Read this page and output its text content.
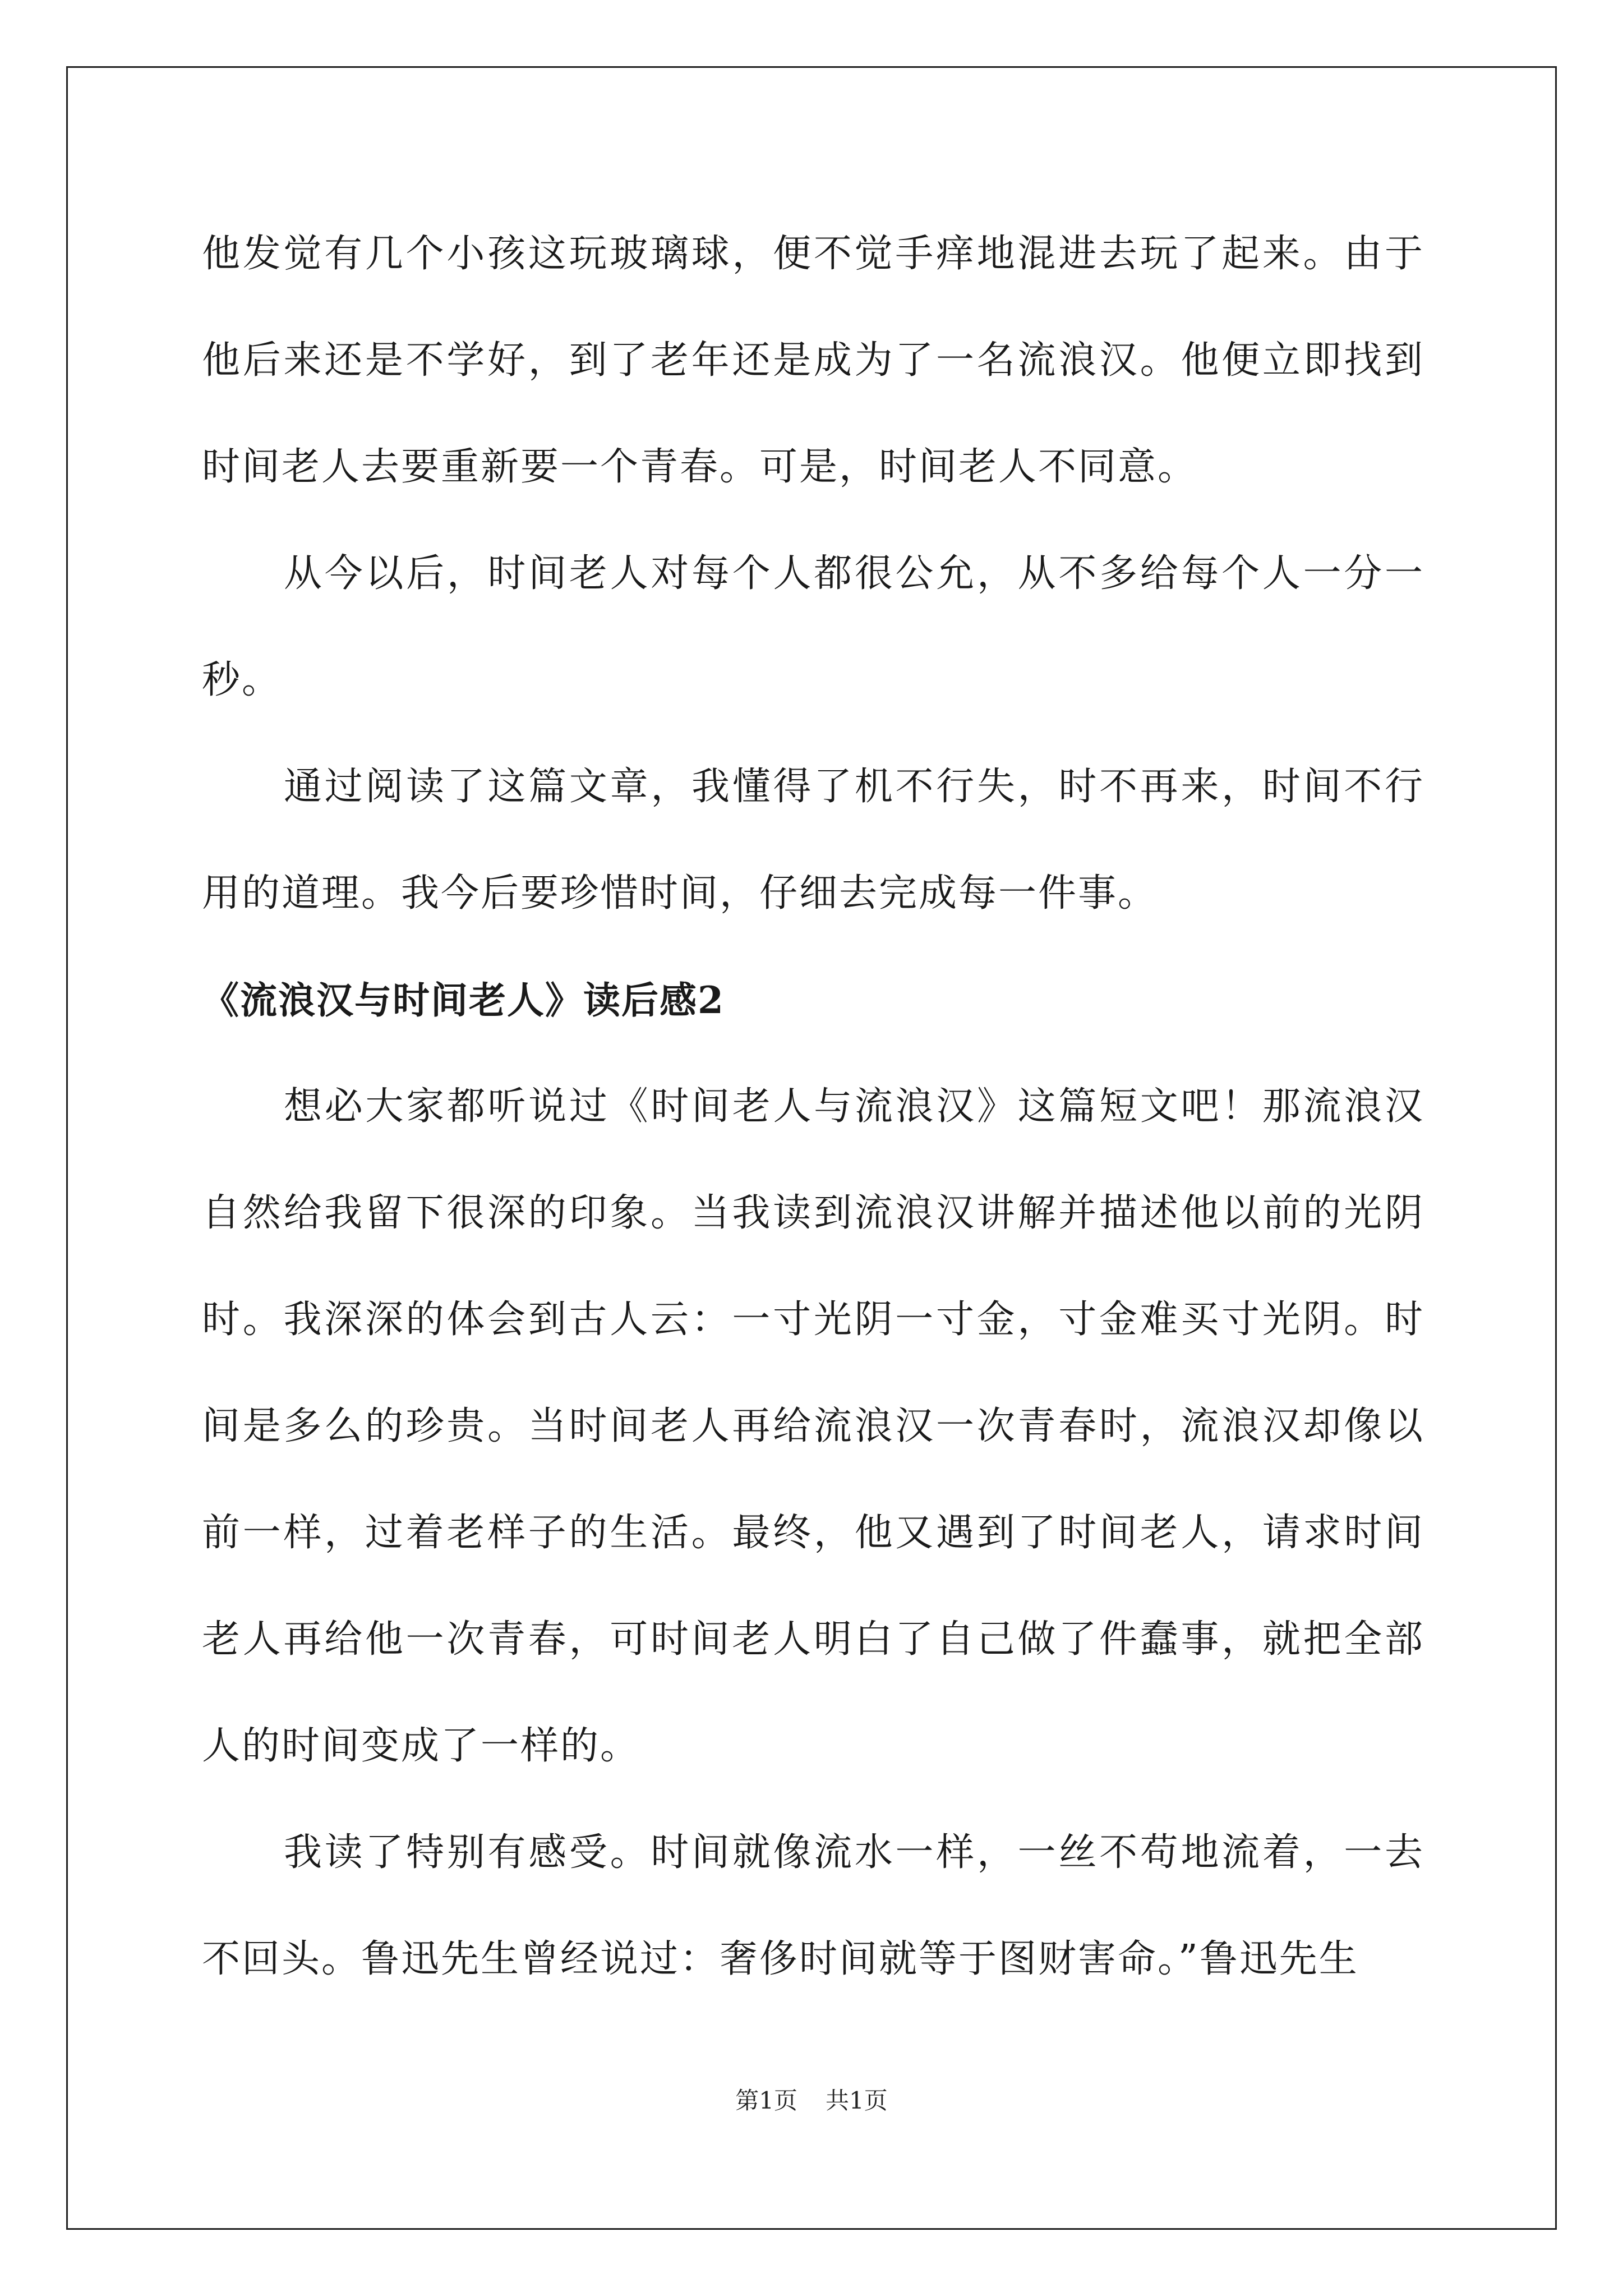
他发觉有几个小孩这玩玻璃球，便不觉手痒地混进去玩了起来。由于他后来还是不学好，到了老年还是成为了一名流浪汉。他便立即找到时间老人去要重新要一个青春。可是，时间老人不同意。

从今以后，时间老人对每个人都很公允，从不多给每个人一分一秒。

通过阅读了这篇文章，我懂得了机不行失，时不再来，时间不行用的道理。我今后要珍惜时间，仔细去完成每一件事。

《流浪汉与时间老人》读后感2

想必大家都听说过《时间老人与流浪汉》这篇短文吧！那流浪汉自然给我留下很深的印象。当我读到流浪汉讲解并描述他以前的光阴时。我深深的体会到古人云：一寸光阴一寸金，寸金难买寸光阴。时间是多么的珍贵。当时间老人再给流浪汉一次青春时，流浪汉却像以前一样，过着老样子的生活。最终，他又遇到了时间老人，请求时间老人再给他一次青春，可时间老人明白了自己做了件蠢事，就把全部人的时间变成了一样的。

我读了特别有感受。时间就像流水一样，一丝不苟地流着，一去不回头。鲁迅先生曾经说过：奢侈时间就等于图财害命。”鲁迅先生

第1页 共1页
